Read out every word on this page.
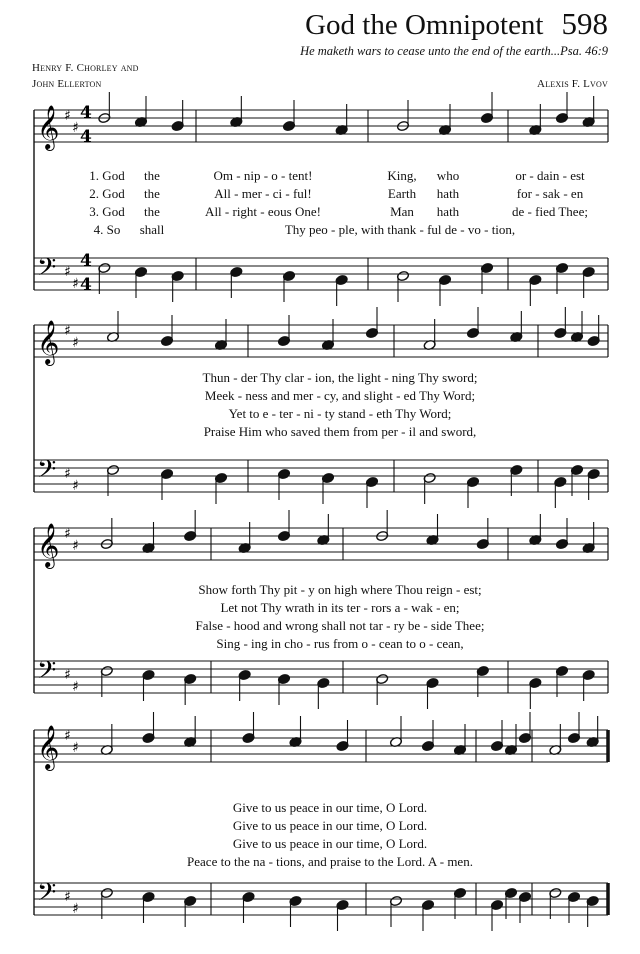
God the Omnipotent 598
He maketh wars to cease unto the end of the earth...Psa. 46:9
Henry F. Chorley and
John Ellerton	Alexis F. Lvov
𝄞
𝄢
♯
♯
♯
♯
𝄞
𝄢
♯
♯
♯
♯
𝄞
𝄢
♯
♯
♯
♯
𝄞
𝄢
♯
♯
♯
♯
4
4
4
4
1. God the	Om - nip - o - tent!	King, who	or - dain - est
2. God the	All - mer - ci - ful!	Earth hath	for - sak - en
3. God the	All - right - eous One!	Man hath	de - fied Thee;
4. So shall	Thy peo - ple, with thank - ful de - vo - tion,
Thun - der Thy clar - ion, the light - ning Thy sword;
Meek - ness and mer - cy, and slight - ed Thy Word;
Yet to e - ter - ni - ty stand - eth Thy Word;
Praise Him who saved them from per - il and sword,
Show forth Thy pit - y on high where Thou reign - est;
Let not Thy wrath in its ter - rors a - wak - en;
False - hood and wrong shall not tar - ry be - side Thee;
Sing - ing in cho - rus from o - cean to o - cean,
Give to us peace in our time, O Lord.
Give to us peace in our time, O Lord.
Give to us peace in our time, O Lord.
Peace to the na - tions, and praise to the Lord. A - men.
